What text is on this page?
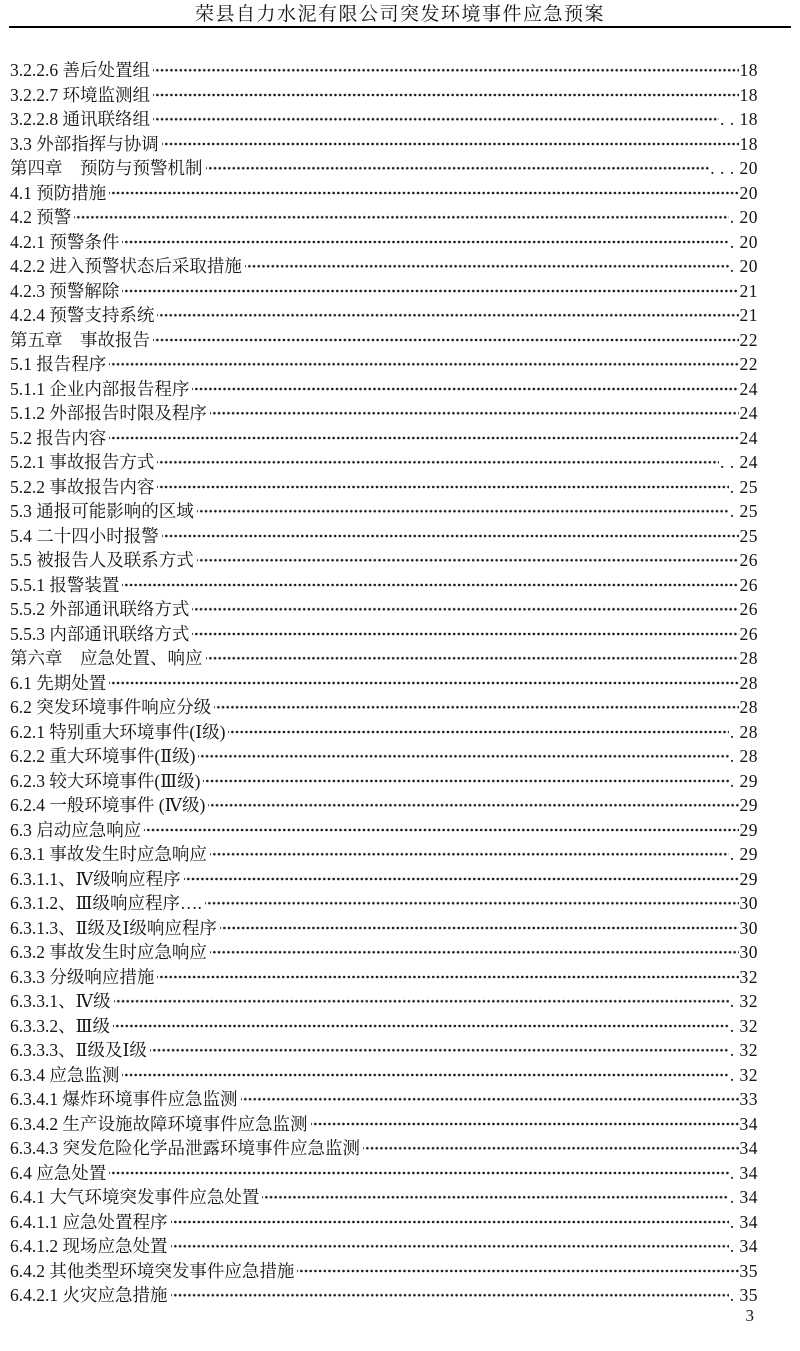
荣县自力水泥有限公司突发环境事件应急预案
3.2.2.6 善后处置组	18
3.2.2.7 环境监测组	18
3.2.2.8 通讯联络组	. . 18
3.3 外部指挥与协调	18
第四章　预防与预警机制	. . . 20
4.1 预防措施	20
4.2 预警	. 20
4.2.1 预警条件	. 20
4.2.2 进入预警状态后采取措施	. 20
4.2.3 预警解除	21
4.2.4 预警支持系统	21
第五章　事故报告	22
5.1 报告程序	22
5.1.1 企业内部报告程序	24
5.1.2 外部报告时限及程序	24
5.2 报告内容	24
5.2.1 事故报告方式	. . 24
5.2.2 事故报告内容	. 25
5.3 通报可能影响的区域	. 25
5.4 二十四小时报警	25
5.5 被报告人及联系方式	26
5.5.1 报警装置	26
5.5.2 外部通讯联络方式	26
5.5.3 内部通讯联络方式	26
第六章　应急处置、响应	28
6.1 先期处置	28
6.2 突发环境事件响应分级	28
6.2.1 特别重大环境事件(Ⅰ级)	. 28
6.2.2 重大环境事件(Ⅱ级)	. 28
6.2.3 较大环境事件(Ⅲ级)	. 29
6.2.4 一般环境事件 (Ⅳ级)	29
6.3 启动应急响应	29
6.3.1 事故发生时应急响应	. 29
6.3.1.1、Ⅳ级响应程序	29
6.3.1.2、Ⅲ级响应程序….	30
6.3.1.3、Ⅱ级及Ⅰ级响应程序	30
6.3.2 事故发生时应急响应	30
6.3.3 分级响应措施	32
6.3.3.1、Ⅳ级	. 32
6.3.3.2、Ⅲ级	. 32
6.3.3.3、Ⅱ级及Ⅰ级	. 32
6.3.4 应急监测	. 32
6.3.4.1 爆炸环境事件应急监测	33
6.3.4.2 生产设施故障环境事件应急监测	34
6.3.4.3 突发危险化学品泄露环境事件应急监测	34
6.4 应急处置	. 34
6.4.1 大气环境突发事件应急处置	. 34
6.4.1.1 应急处置程序	. 34
6.4.1.2 现场应急处置	. 34
6.4.2 其他类型环境突发事件应急措施	35
6.4.2.1 火灾应急措施	. 35
3
